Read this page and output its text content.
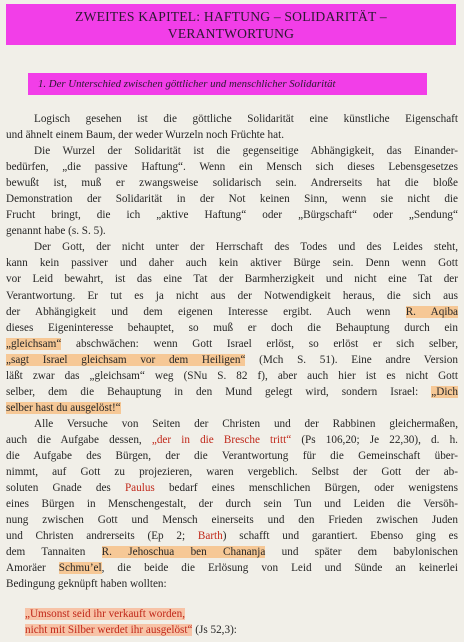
ZWEITES KAPITEL: HAFTUNG – SOLIDARITÄT –
VERANTWORTUNG
1. Der Unterschied zwischen göttlicher und menschlicher Solidarität

Logisch gesehen ist die göttliche Solidarität eine künstliche Eigenschaft
und ähnelt einem Baum, der weder Wurzeln noch Früchte hat.

Die Wurzel der Solidarität ist die gegenseitige Abhängigkeit, das Einander-
bedürfen, „die passive Haftung“. Wenn ein Mensch sich dieses Lebensgesetzes
bewußt ist, muß er zwangsweise solidarisch sein. Andrerseits hat die bloße
Demonstration der Solidarität in der Not keinen Sinn, wenn sie nicht die
Frucht bringt, die ich „aktive Haftung“ oder „Bürgschaft“ oder „Sendung“
genannt habe (s. S. 5).

Der Gott, der nicht unter der Herrschaft des Todes und des Leides steht,
kann kein passiver und daher auch kein aktiver Bürge sein. Denn wenn Gott
vor Leid bewahrt, ist das eine Tat der Barmherzigkeit und nicht eine Tat der
Verantwortung. Er tut es ja nicht aus der Notwendigkeit heraus, die sich aus
der Abhängigkeit und dem eigenen Interesse ergibt. Auch wenn R. Aqiba
dieses Eigeninteresse behauptet, so muß er doch die Behauptung durch ein
„gleichsam“ abschwächen: wenn Gott Israel erlöst, so erlöst er sich selber,
„sagt Israel gleichsam vor dem Heiligen“ (Mch S. 51). Eine andre Version
läßt zwar das „gleichsam“ weg (SNu S. 82 f), aber auch hier ist es nicht Gott
selber, dem die Behauptung in den Mund gelegt wird, sondern Israel: „Dich
selber hast du ausgelöst!“

Alle Versuche von Seiten der Christen und der Rabbinen gleichermaßen,
auch die Aufgabe dessen, „der in die Bresche tritt“ (Ps 106,20; Je 22,30), d. h.
die Aufgabe des Bürgen, der die Verantwortung für die Gemeinschaft über-
nimmt, auf Gott zu projezieren, waren vergeblich. Selbst der Gott der ab-
soluten Gnade des Paulus bedarf eines menschlichen Bürgen, oder wenigstens
eines Bürgen in Menschengestalt, der durch sein Tun und Leiden die Versöh-
nung zwischen Gott und Mensch einerseits und den Frieden zwischen Juden
und Christen andrerseits (Ep 2; Barth) schafft und garantiert. Ebenso ging es
dem Tannaiten R. Jehoschua ben Chananja und später dem babylonischen
Amoräer Schmu’el, die beide die Erlösung von Leid und Sünde an keinerlei
Bedingung geknüpft haben wollten:

„Umsonst seid ihr verkauft worden,
nicht mit Silber werdet ihr ausgelöst“ (Js 52,3):
